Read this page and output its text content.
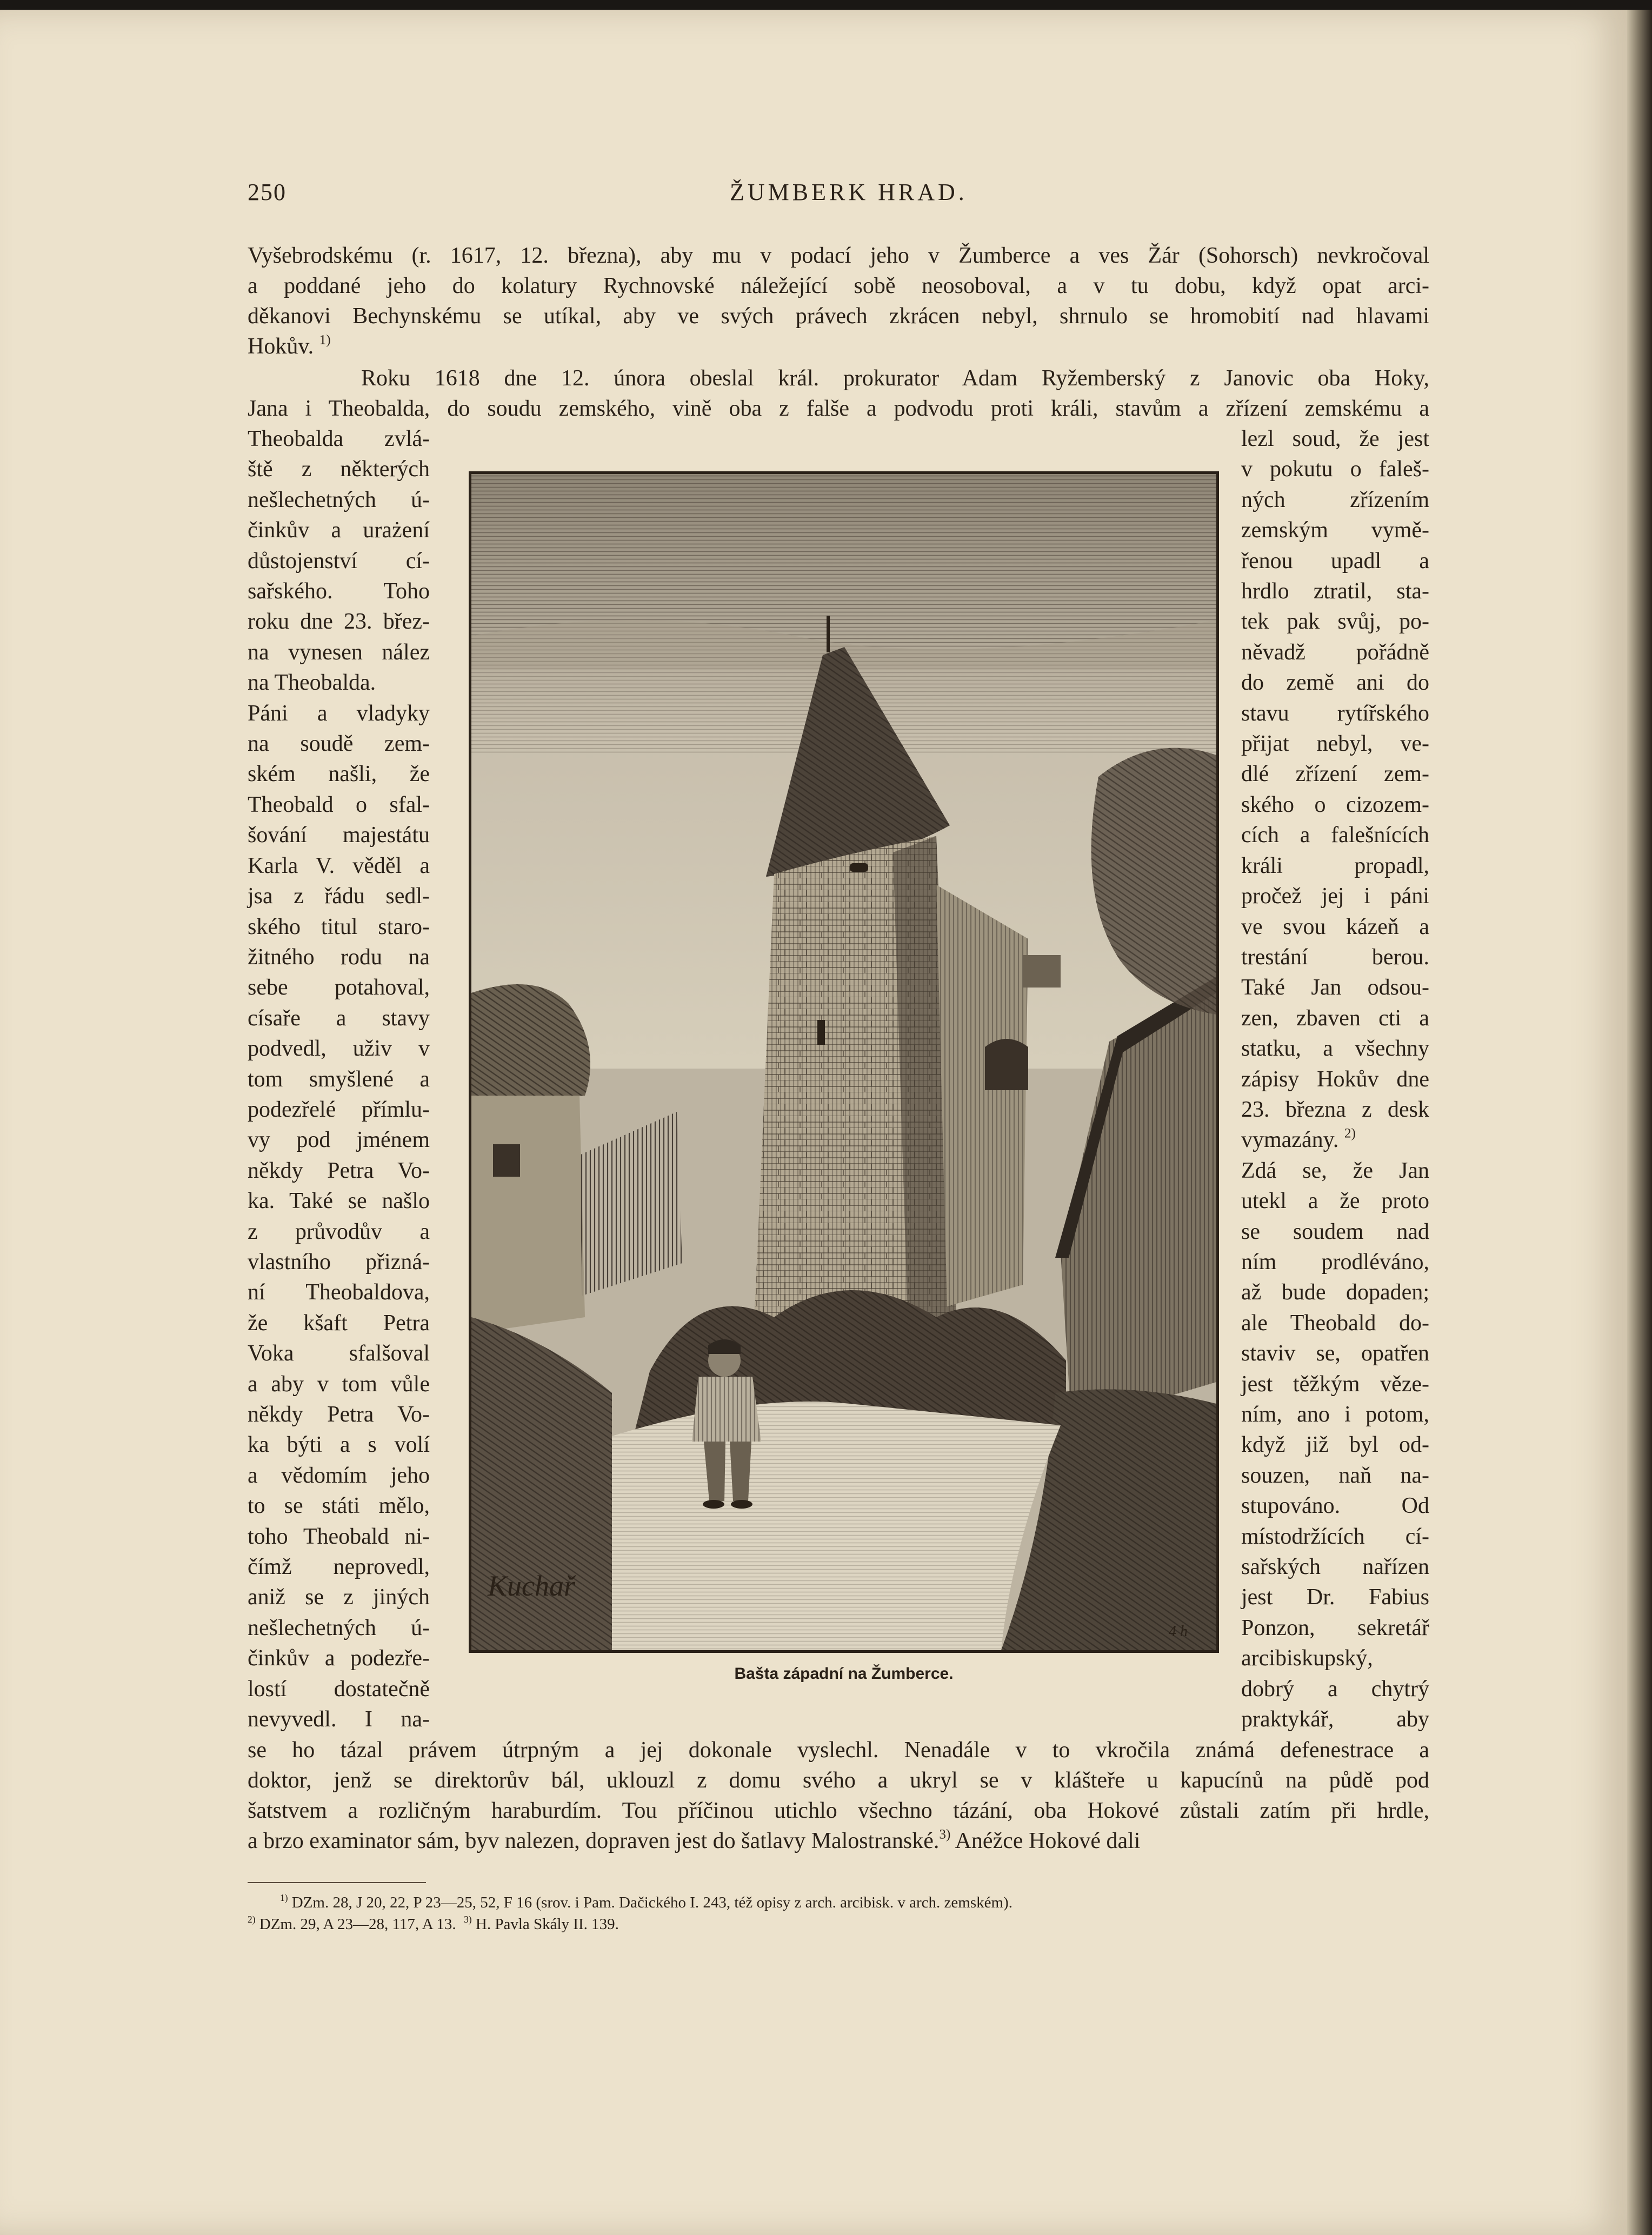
250	ŽUMBERK HRAD.
Vyšebrodskému (r. 1617, 12. března), aby mu v podací jeho v Žumberce a ves Žár (Sohorsch) nevkročoval
a poddané jeho do kolatury Rychnovské náležející sobě neosoboval, a v tu dobu, když opat arci-
děkanovi Bechynskému se utíkal, aby ve svých právech zkrácen nebyl, shrnulo se hromobití nad hlavami
Hokův. $^{1)}$
Roku 1618 dne 12. února obeslal král. prokurator Adam Ryžemberský z Janovic oba Hoky,
Jana i Theobalda, do soudu zemského, vině oba z falše a podvodu proti králi, stavům a zřízení zemskému a
Theobalda zvlá-
ště z některých
nešlechetných ú-
činkův a urażení
důstojenství cí-
sařského. Toho
roku dne 23. břez-
na vynesen nález
na Theobalda.
Páni a vladyky
na soudě zem-
ském našli, že
Theobald o sfal-
šování majestátu
Karla V. věděl a
jsa z řádu sedl-
ského titul staro-
žitného rodu na
sebe potahoval,
císaře a stavy
podvedl, uživ v
tom smyšlené a
podezřelé přímlu-
vy pod jménem
někdy Petra Vo-
ka. Také se našlo
z průvodův a
vlastního přizná-
ní Theobaldova,
že kšaft Petra
Voka sfalšoval
a aby v tom vůle
někdy Petra Vo-
ka býti a s volí
a vědomím jeho
to se státi mělo,
toho Theobald ni-
čímž neprovedl,
aniž se z jiných
nešlechetných ú-
činkův a podezře-
lostí dostatečně
nevyvedl. I na-
lezl soud, že jest
v pokutu o faleš-
ných zřízením
zemským vymě-
řenou upadl a
hrdlo ztratil, sta-
tek pak svůj, po-
něvadž pořádně
do země ani do
stavu rytířského
přijat nebyl, ve-
dlé zřízení zem-
ského o cizozem-
cích a falešnících
králi propadl,
pročež jej i páni
ve svou kázeň a
trestání berou.
Také Jan odsou-
zen, zbaven cti a
statku, a všechny
zápisy Hokův dne
23. března z desk
vymazány. $^{2)}$
Zdá se, že Jan
utekl a že proto
se soudem nad
ním prodléváno,
až bude dopaden;
ale Theobald do-
staviv se, opatřen
jest těžkým věze-
ním, ano i potom,
když již byl od-
souzen, naň na-
stupováno. Od
místodržících cí-
sařských nařízen
jest Dr. Fabius
Ponzon, sekretář
arcibiskupský,
dobrý a chytrý
praktykář, aby
Kuchař
4 h
Bašta západní na Žumberce.
se ho tázal právem útrpným a jej dokonale vyslechl. Nenadále v to vkročila známá defenestrace a
doktor, jenž se direktorův bál, uklouzl z domu svého a ukryl se v klášteře u kapucínů na půdě pod
šatstvem a rozličným haraburdím. Tou příčinou utichlo všechno tázání, oba Hokové zůstali zatím při hrdle,
a brzo examinator sám, byv nalezen, dopraven jest do šatlavy Malostranské.$^{3)}$ Anéžce Hokové dali
$^{1)}$ DZm. 28, J 20, 22, P 23—25, 52, F 16 (srov. i Pam. Dačického I. 243, též opisy z arch. arcibisk. v arch. zemském).
$^{2)}$ DZm. 29, A 23—28, 117, A 13. $^{3)}$ H. Pavla Skály II. 139.
